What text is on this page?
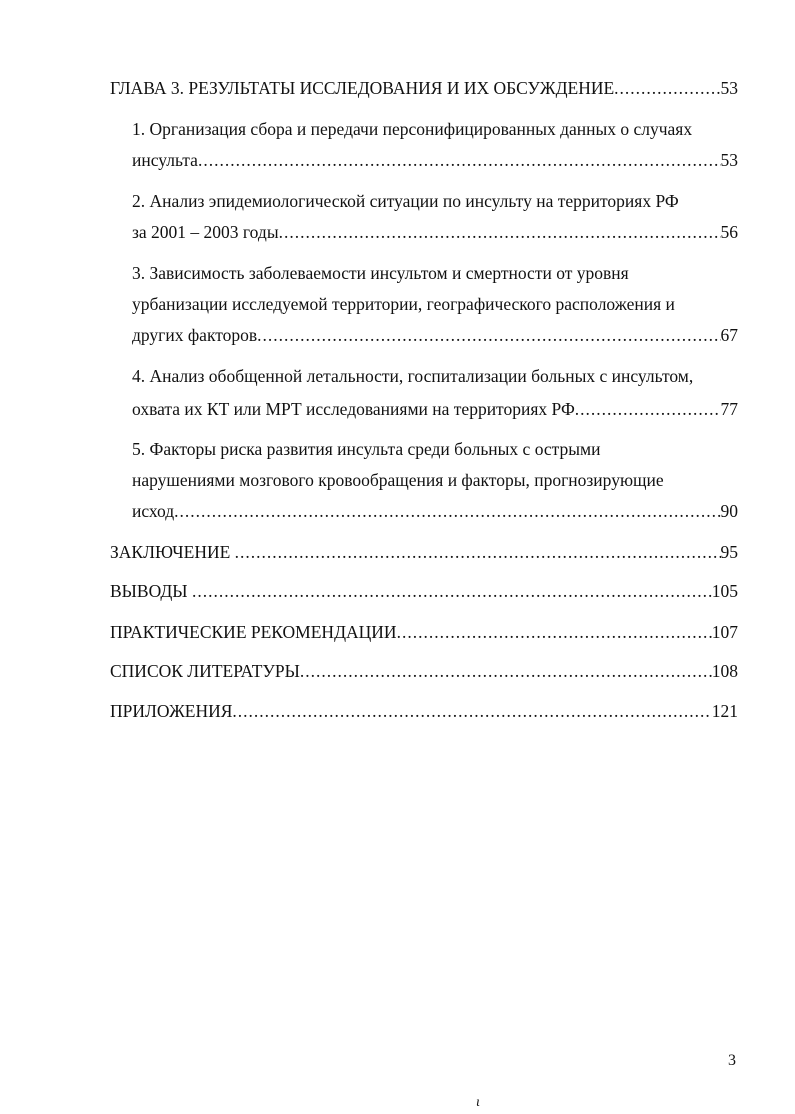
ГЛАВА 3. РЕЗУЛЬТАТЫ ИССЛЕДОВАНИЯ И ИХ ОБСУЖДЕНИЕ .....	53
1. Организация сбора и передачи персонифицированных данных о случаях
инсульта .....	53
2. Анализ эпидемиологической ситуации по инсульту на территориях РФ
за 2001 – 2003 годы .....	56
3. Зависимость заболеваемости инсультом и смертности от уровня
урбанизации исследуемой территории, географического расположения и
других факторов .....	67
4. Анализ обобщенной летальности, госпитализации больных с инсультом,
охвата их КТ или МРТ исследованиями на территориях РФ .....	77
5. Факторы риска развития инсульта среди больных с острыми
нарушениями мозгового кровообращения и факторы, прогнозирующие
исход .....	90
ЗАКЛЮЧЕНИЕ .....	95
ВЫВОДЫ .....	105
ПРАКТИЧЕСКИЕ РЕКОМЕНДАЦИИ .....	107
СПИСОК ЛИТЕРАТУРЫ .....	108
ПРИЛОЖЕНИЯ .....	121
3
ι
